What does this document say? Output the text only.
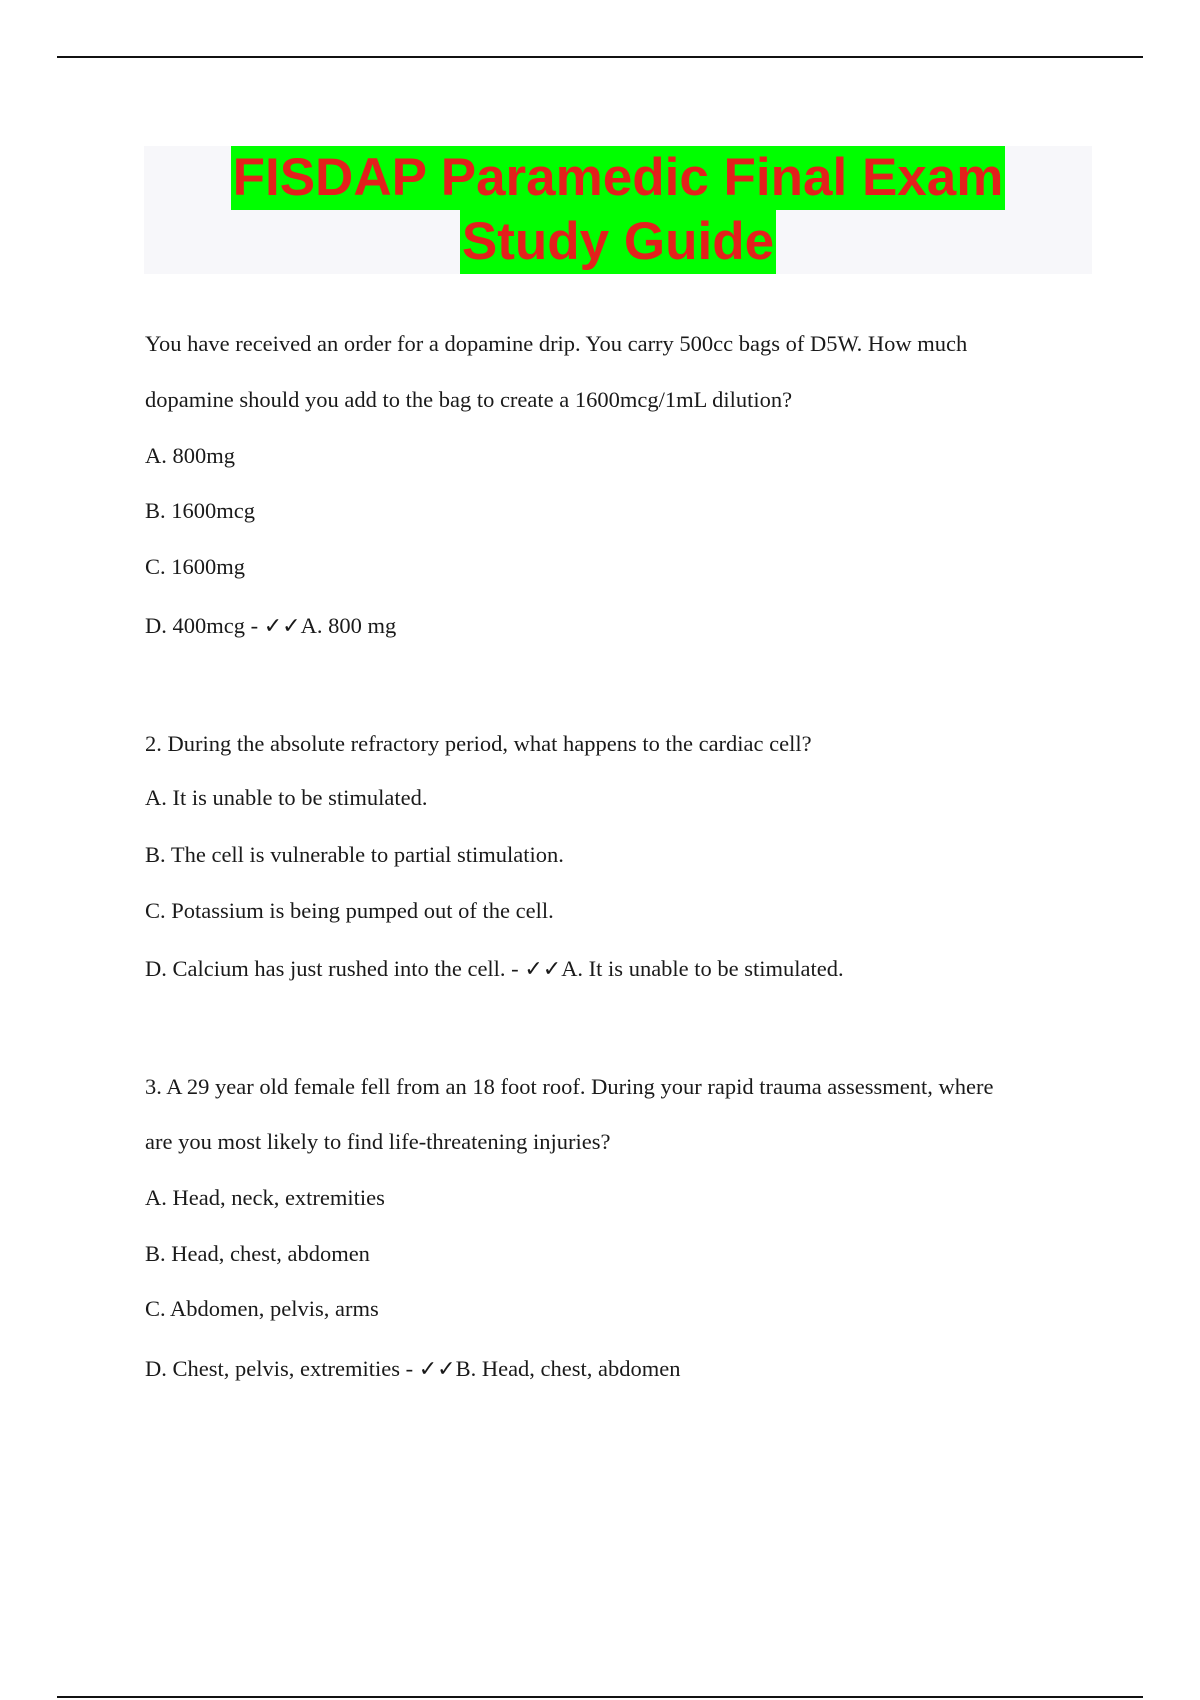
FISDAP Paramedic Final Exam
Study Guide
You have received an order for a dopamine drip. You carry 500cc bags of D5W. How much
dopamine should you add to the bag to create a 1600mcg/1mL dilution?
A. 800mg
B. 1600mcg
C. 1600mg
D. 400mcg - ✓✓A. 800 mg
2. During the absolute refractory period, what happens to the cardiac cell?
A. It is unable to be stimulated.
B. The cell is vulnerable to partial stimulation.
C. Potassium is being pumped out of the cell.
D. Calcium has just rushed into the cell. - ✓✓A. It is unable to be stimulated.
3. A 29 year old female fell from an 18 foot roof. During your rapid trauma assessment, where
are you most likely to find life-threatening injuries?
A. Head, neck, extremities
B. Head, chest, abdomen
C. Abdomen, pelvis, arms
D. Chest, pelvis, extremities - ✓✓B. Head, chest, abdomen
